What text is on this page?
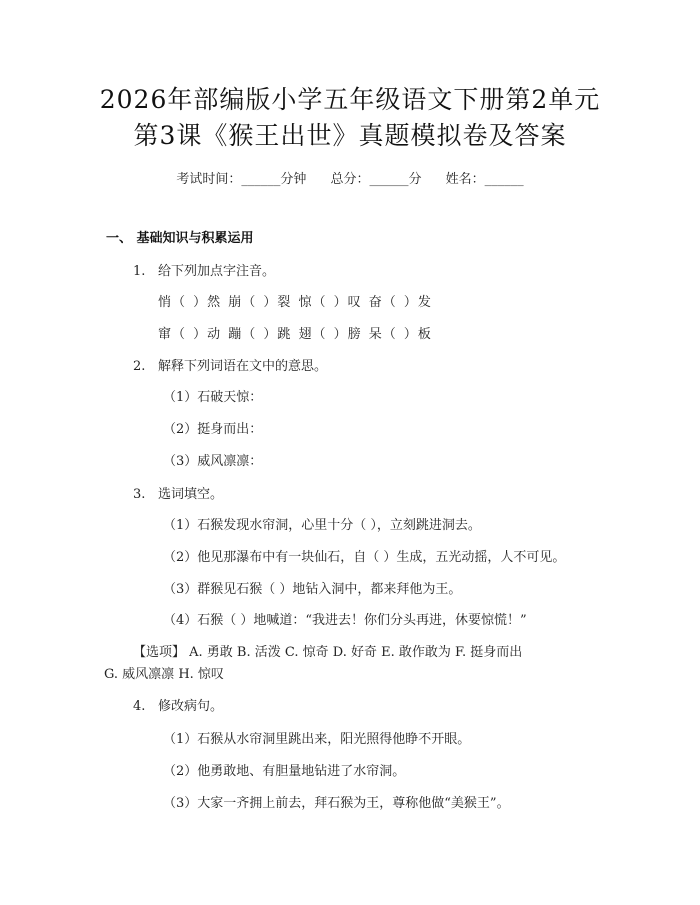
2026年部编版小学五年级语文下册第2单元
第3课《猴王出世》真题模拟卷及答案
考试时间：______分钟 总分：______分 姓名：______
一、 基础知识与积累运用
1. 给下列加点字注音。
悄（ ）然 崩（ ）裂 惊（ ）叹 奋（ ）发
窜（ ）动 蹦（ ）跳 翅（ ）膀 呆（ ）板
2. 解释下列词语在文中的意思。
（1）石破天惊：
（2）挺身而出：
（3）威风凛凛：
3. 选词填空。
（1）石猴发现水帘洞，心里十分（ ），立刻跳进洞去。
（2）他见那瀑布中有一块仙石，自（ ）生成，五光动摇，人不可见。
（3）群猴见石猴（ ）地钻入洞中，都来拜他为王。
（4）石猴（ ）地喊道：“我进去！你们分头再进，休要惊慌！”
【选项】 A. 勇敢 B. 活泼 C. 惊奇 D. 好奇 E. 敢作敢为 F. 挺身而出
G. 威风凛凛 H. 惊叹
4. 修改病句。
（1）石猴从水帘洞里跳出来，阳光照得他睁不开眼。
（2）他勇敢地、有胆量地钻进了水帘洞。
（3）大家一齐拥上前去，拜石猴为王，尊称他做“美猴王”。
